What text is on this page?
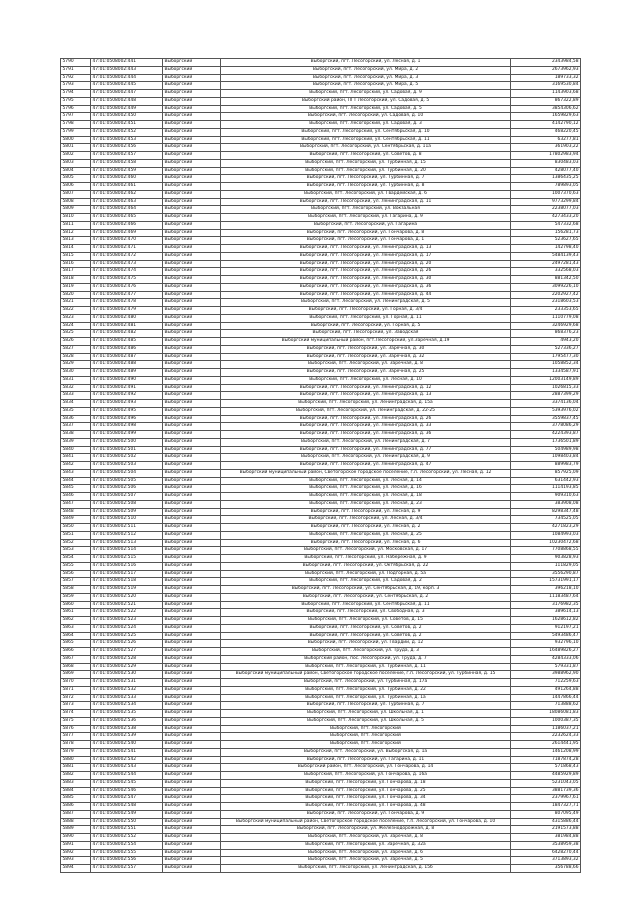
5790	47:01:0508002:441	Выборгский	Выборгский, пгт. Лесогорский, ул. Лесная, д. 1	2343984,58
5791	47:01:0508002:443	Выборгский	Выборгский, пгт. Лесогорский, ул. Мира, д. 2	2673962,93
5792	47:01:0508002:444	Выборгский	Выборгский, пгт. Лесогорский, ул. Мира, д. 3	189733,32
5793	47:01:0508002:445	Выборгский	Выборгский, пгт. Лесогорский, ул. Мира, д. 5	3169530,84
5794	47:01:0508002:447	Выборгский	Выборгский, пгт. Лесогорский, ул. Садовая, д. 9	1143903,68
5795	47:01:0508002:448	Выборгский	Выборгский район, ПГТ Лесогорский, ул. Садовая, д. 5	867322,89
5796	47:01:0508002:449	Выборгский	Выборгский, пгт. Лесогорский, ул. Садовая, д. 5	3854306,62
5797	47:01:0508002:450	Выборгский	Выборгский, пгт. Лесогорский, ул. Садовая, д. 10	1659829,63
5798	47:01:0508002:451	Выборгский	Выборгский, пгт. Лесогорский, ул. Садовая, д. 3	4142790,12
5799	47:01:0508002:452	Выборгский	Выборгский, пгт. Лесогорский, ул. Сентябрьская, д. 10	468220,45
5800	47:01:0508002:453	Выборгский	Выборгский, пгт. Лесогорский, ул. Сентябрьская, д. 11	63277,81
5801	47:01:0508002:456	Выборгский	Выборгский, пгт. Лесогорский, ул. Сентябрьская, д. 11а	361903,22
5802	47:01:0508002:457	Выборгский	Выборгский, пгт. Лесогорский, ул. Советов, д. 8	17802983,94
5803	47:01:0508002:458	Выборгский	Выборгский, пгт. Лесогорский, ул. Турбинная, д. 15	830483,03
5804	47:01:0508002:459	Выборгский	Выборгский, пгт. Лесогорский, ул. Турбинная, д. 20	428077,40
5805	47:01:0508002:460	Выборгский	Выборгский, пгт. Лесогорский, ул. Турбинная, д. 7	1386435,25
5806	47:01:0508002:461	Выборгский	Выборгский, пгт. Лесогорский, ул. Турбинная, д. 8	789893,05
5807	47:01:0508002:462	Выборгский	Выборгский, пгт. Лесогорский, ул. Гвардейская, д. 6	1007370,63
5808	47:01:0508002:463	Выборгский	Выборгский, пгт. Лесогорский, ул. Ленинградская, д. 11	9773299,84
5809	47:01:0508002:464	Выборгский	Выборгский, пгт. Лесогорский, ул. Вокзальная	2238077,03
5810	47:01:0508002:465	Выборгский	Выборгский, пгт. Лесогорский, ул. Гагарина, д. 9	4273433,20
5811	47:01:0508002:466	Выборгский	Выборгский, пгт. Лесогорский, ул. Гагарина	547332,68
5812	47:01:0508002:469	Выборгский	Выборгский, пгт. Лесогорский, ул. Гончарова, д. 8	156281,73
5813	47:01:0508002:470	Выборгский	Выборгский, пгт. Лесогорский, ул. Гончарова, д. 1	523627,65
5814	47:01:0508002:471	Выборгский	Выборгский, пгт. Лесогорский, ул. Ленинградская, д. 13	142798,40
5815	47:01:0508002:472	Выборгский	Выборгский, пгт. Лесогорский, ул. Ленинградская, д. 17	5484139,43
5816	47:01:0508002:473	Выборгский	Выборгский, пгт. Лесогорский, ул. Ленинградская, д. 20	2497281,43
5817	47:01:0508002:474	Выборгский	Выборгский, пгт. Лесогорский, ул. Ленинградская, д. 26	332568,03
5818	47:01:0508002:475	Выборгский	Выборгский, пгт. Лесогорский, ул. Ленинградская, д. 30	881342,50
5819	47:01:0508002:476	Выборгский	Выборгский, пгт. Лесогорский, ул. Ленинградская, д. 36	3099226,10
5820	47:01:0508002:477	Выборгский	Выборгский, пгт. Лесогорский, ул. Ленинградская, д. 44	2202927,42
5821	47:01:0508002:478	Выборгский	Выборгский, пгт. Лесогорский, ул. Ленинградская, д. 5	2318603,53
5822	47:01:0508002:479	Выборгский	Выборгский, пгт. Лесогорский, ул. Горная, д. 3/4	233353,65
5823	47:01:0508002:480	Выборгский	Выборгский, пгт. Лесогорский, ул. Горная, д. 11	1110779,08
5824	47:01:0508002:481	Выборгский	Выборгский, пгт. Лесогорский, ул. Горная, д. 5	3246929,68
5825	47:01:0508002:482	Выборгский	Выборгский, пгт. Лесогорский, ул. Заводская	868376,23
5826	47:01:0508002:485	Выборгский	Выборгский муниципальный район, пгт.Лесогорский, ул.Заречная, д.19	4943,20
5827	47:01:0508002:486	Выборгский	Выборгский, пгт. Лесогорский, ул. Заречная, д. 30	527336,27
5828	47:01:0508002:487	Выборгский	Выборгский, пгт. Лесогорский, ул. Заречная, д. 32	1795477,30
5829	47:01:0508002:488	Выборгский	Выборгский, пгт. Лесогорский, ул. Заречная, д. 8	1058852,34
5830	47:01:0508002:489	Выборгский	Выборгский, пгт. Лесогорский, ул. Заречная, д. 25	1334587,91
5831	47:01:0508002:490	Выборгский	Выборгский, пгт. Лесогорский, ул. Лесная, д. 10	12003149,89
5832	47:01:0508002:491	Выборгский	Выборгский, пгт. Лесогорский, ул. Ленинградская, д. 12	1026815,33
5833	47:01:0508002:492	Выборгский	Выборгский, пгт. Лесогорский, ул. Ленинградская, д. 13	2887399,29
5834	47:01:0508002:493	Выборгский	Выборгский, пгт. Лесогорский, ул. Ленинградская, д. 15а	3374136,04
5835	47:01:0508002:495	Выборгский	Выборгский, пгт. Лесогорский, ул. Ленинградская, д. 22-25	5393976,02
5836	47:01:0508002:496	Выборгский	Выборгский, пгт. Лесогорский, ул. Ленинградская, д. 26	3559837,45
5837	47:01:0508002:498	Выборгский	Выборгский, пгт. Лесогорский, ул. Ленинградская, д. 33	3778086,29
5838	47:01:0508002:499	Выборгский	Выборгский, пгт. Лесогорский, ул. Ленинградская, д. 36	4224393,87
5839	47:01:0508002:500	Выборгский	Выборгский, пгт. Лесогорский, ул. Ленинградская, д. 7	1736501,89
5840	47:01:0508002:501	Выборгский	Выборгский, пгт. Лесогорский, ул. Ленинградская, д. 77	504989,98
5841	47:01:0508002:502	Выборгский	Выборгский, пгт. Лесогорский, ул. Ленинградская, д. 9	1098403,84
5842	47:01:0508002:503	Выборгский	Выборгский, пгт. Лесогорский, ул. Ленинградская, д. 47	889983,79
5843	47:01:0508002:504	Выборгский	Выборгский муниципальный район, Светогорское городское поселение, г.п. Лесогорский, ул. Лесная, д. 12	857925,09
5844	47:01:0508002:505	Выборгский	Выборгский, пгт. Лесогорский, ул. Лесная, д. 14	631442,93
5845	47:01:0508002:506	Выборгский	Выборгский, пгт. Лесогорский, ул. Лесная, д. 16	1114193,85
5846	47:01:0508002:507	Выборгский	Выборгский, пгт. Лесогорский, ул. Лесная, д. 18	909310,63
5847	47:01:0508002:508	Выборгский	Выборгский, пгт. Лесогорский, ул. Лесная, д. 23	383908,08
5848	47:01:0508002:509	Выборгский	Выборгский, пгт. Лесогорский, ул. Лесная, д. 9	8298347,48
5849	47:01:0508002:510	Выборгский	Выборгский, пгт. Лесогорский, ул. Лесная, д. 3/4	734525,05
5850	47:01:0508002:511	Выборгский	Выборгский, пгт. Лесогорский, ул. Лесная, д. 2	4271823,29
5851	47:01:0508002:512	Выборгский	Выборгский, пгт. Лесогорский, ул. Лесная, д. 25	1084993,03
5852	47:01:0508002:513	Выборгский	Выборгский, пгт. Лесогорский, ул. Лесная, д. 6	10230472,68
5853	47:01:0508002:514	Выборгский	Выборгский, пгт. Лесогорский, ул. Московская, д. 17	7708868,55
5854	47:01:0508002:515	Выборгский	Выборгский, пгт. Лесогорский, ул. Набережная, д. 9	903828,93
5855	47:01:0508002:516	Выборгский	Выборгский, пгт. Лесогорский, ул. Октябрьская, д. 22	111829,05
5856	47:01:0508002:517	Выборгский	Выборгский, пгт. Лесогорский, ул. Подгорная, д. 5а	3556290,87
5857	47:01:0508002:518	Выборгский	Выборгский, пгт. Лесогорский, ул. Садовая, д. 2	15731991,17
5858	47:01:0508002:519	Выборгский	Выборгский, пгт. Лесогорский, ул. Сентябрьская, д. 19, корп. 3	396218,10
5859	47:01:0508002:520	Выборгский	Выборгский, пгт. Лесогорский, ул. Сентябрьская, д. 2	11183487,64
5860	47:01:0508002:521	Выборгский	Выборгский, пгт. Лесогорский, ул. Сентябрьская, д. 11	3176982,35
5861	47:01:0508002:522	Выборгский	Выборгский, пгт. Лесогорский, ул. Свободная, д. 3	389614,13
5862	47:01:0508002:523	Выборгский	Выборгский, пгт. Лесогорский, ул. Советов, д. 15	1628612,82
5863	47:01:0508002:524	Выборгский	Выборгский, пгт. Лесогорский, ул. Советов, д. 2	912197,21
5864	47:01:0508002:525	Выборгский	Выборгский, пгт. Лесогорский, ул. Советов, д. 2	5493486,47
5865	47:01:0508002:526	Выборгский	Выборгский, пгт. Лесогорский, ул. Гвардии, д. 12	932796,10
5866	47:01:0508002:527	Выборгский	Выборгский, пгт. Лесогорский, ул. Труда, д. 3	16489826,27
5867	47:01:0508002:528	Выборгский	Выборгский район, пос. Лесогорский, ул. Труда, д. 7	4284333,06
5868	47:01:0508002:529	Выборгский	Выборгский, пгт. Лесогорский, ул. Турбинная, д. 11	579331,87
5869	47:01:0508002:530	Выборгский	Выборгский муниципальный район, Светогорское городское поселение, г.п. Лесогорский, ул. Турбинная, д. 15	3988962,90
5870	47:01:0508002:531	Выборгский	Выборгский, пгт. Лесогорский, ул. Турбинная, д. 17а	712259,63
5871	47:01:0508002:532	Выборгский	Выборгский, пгт. Лесогорский, ул. Турбинная, д. 22	491264,88
5872	47:01:0508002:533	Выборгский	Выборгский, пгт. Лесогорский, ул. Турбинная, д. 1а	1447866,44
5873	47:01:0508002:534	Выборгский	Выборгский, пгт. Лесогорский, ул. Турбинная, д. 7	713888,62
5874	47:01:0508002:535	Выборгский	Выборгский, пгт. Лесогорский, ул. Школьная, д. 1	18086081,83
5875	47:01:0508002:536	Выборгский	Выборгский, пгт. Лесогорский, ул. Школьная, д. 5	1000387,35
5876	47:01:0508002:538	Выборгский	Выборгский, пгт. Лесогорский	1186037,21
5877	47:01:0508002:539	Выборгский	Выборгский, пгт. Лесогорский	2232624,33
5878	47:01:0508002:540	Выборгский	Выборгский, пгт. Лесогорский	2614441,95
5879	47:01:0508002:541	Выборгский	Выборгский, пгт. Лесогорский, ул. Выборгская, д. 1а	1461208,99
5880	47:01:0508002:542	Выборгский	Выборгский, пгт. Лесогорский, ул. Гагарина, д. 11	7187874,28
5881	47:01:0508002:543	Выборгский	Выборгский район, пгт. Лесогорский, ул. Гончарова, д. 14	571868,43
5882	47:01:0508002:544	Выборгский	Выборгский, пгт. Лесогорский, ул. Гончарова, д. 16а	4485929,89
5883	47:01:0508002:545	Выборгский	Выборгский, пгт. Лесогорский, ул. Гончарова, д. 18	5231043,05
5884	47:01:0508002:546	Выборгский	Выборгский, пгт. Лесогорский, ул. Гончарова, д. 25	3881739,36
5885	47:01:0508002:547	Выборгский	Выборгский, пгт. Лесогорский, ул. Гончарова, д. 34	2379967,61
5886	47:01:0508002:548	Выборгский	Выборгский, пгт. Лесогорский, ул. Гончарова, д. 48	1847327,71
5887	47:01:0508002:549	Выборгский	Выборгский, пгт. Лесогорский, ул. Гончарова, д. 9	807095,49
5888	47:01:0508002:550	Выборгский	Выборгский муниципальный район, Светогорское городское поселение, г.п. Лесогорский, ул. Гончарова, д. 10	4315886,44
5889	47:01:0508002:551	Выборгский	Выборгский, пгт. Лесогорский, ул. Железнодорожная, д. 8	2191573,88
5890	47:01:0508002:552	Выборгский	Выборгский, пгт. Лесогорский, ул. Заречная, д. 8	381984,88
5891	47:01:0508002:554	Выборгский	Выборгский, пгт. Лесогорский, ул. Заречная, д. 32а	3538959,38
5892	47:01:0508002:555	Выборгский	Выборгский, пгт. Лесогорский, ул. Заречная, д. 6	6428270,44
5893	47:01:0508002:556	Выборгский	Выборгский, пгт. Лесогорский, ул. Заречная, д. 5	3713893,32
5894	47:01:0508002:557	Выборгский	Выборгский, пгт. Лесогорский, ул. Ленинградская, д. 15б	356788,66
